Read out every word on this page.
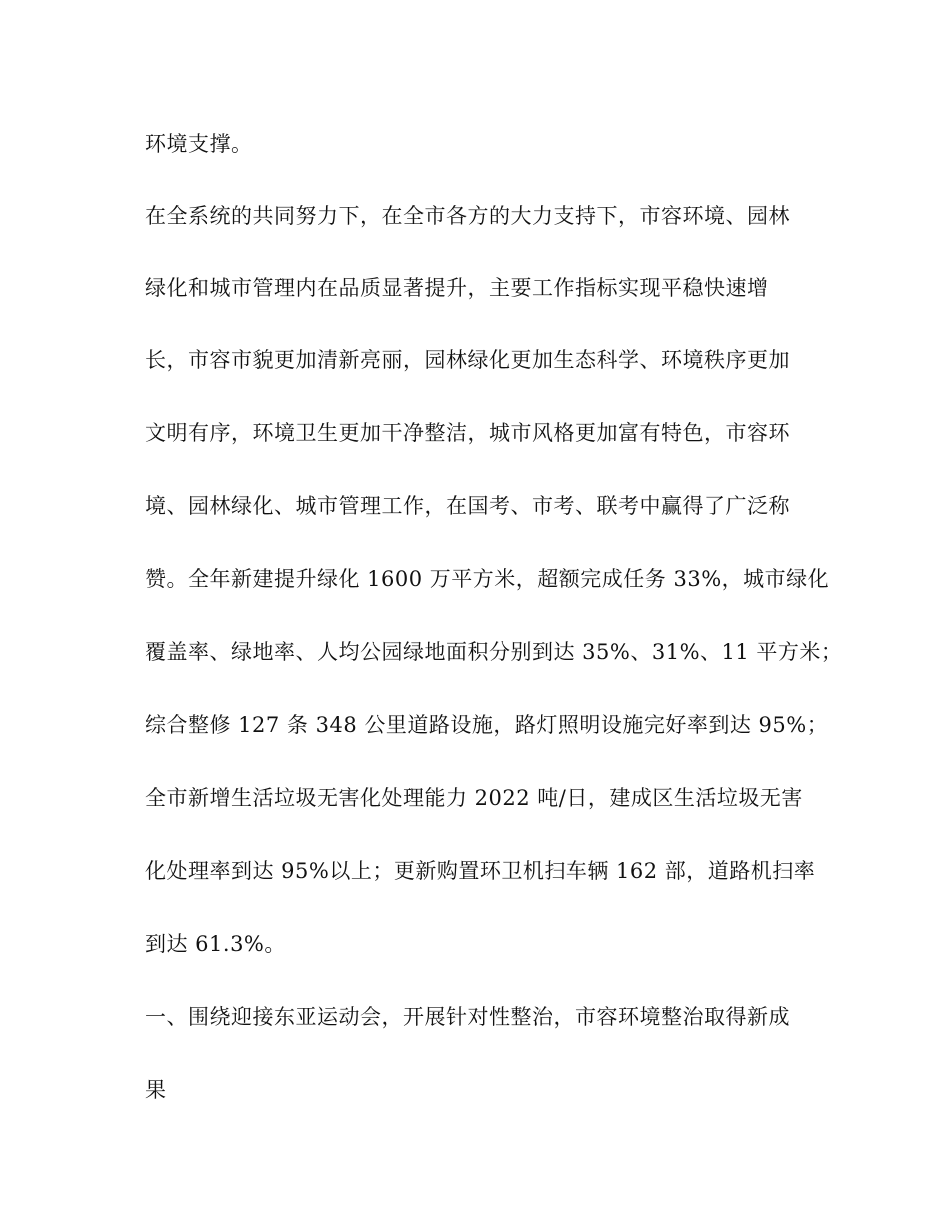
环境支撑。
在全系统的共同努力下，在全市各方的大力支持下，市容环境、园林
绿化和城市管理内在品质显著提升，主要工作指标实现平稳快速增
长，市容市貌更加清新亮丽，园林绿化更加生态科学、环境秩序更加
文明有序，环境卫生更加干净整洁，城市风格更加富有特色，市容环
境、园林绿化、城市管理工作，在国考、市考、联考中赢得了广泛称
赞。全年新建提升绿化 1600 万平方米，超额完成任务 33%，城市绿化
覆盖率、绿地率、人均公园绿地面积分别到达 35%、31%、11 平方米；
综合整修 127 条 348 公里道路设施，路灯照明设施完好率到达 95%；
全市新增生活垃圾无害化处理能力 2022 吨/日，建成区生活垃圾无害
化处理率到达 95%以上；更新购置环卫机扫车辆 162 部，道路机扫率
到达 61.3%。
一、围绕迎接东亚运动会，开展针对性整治，市容环境整治取得新成
果
